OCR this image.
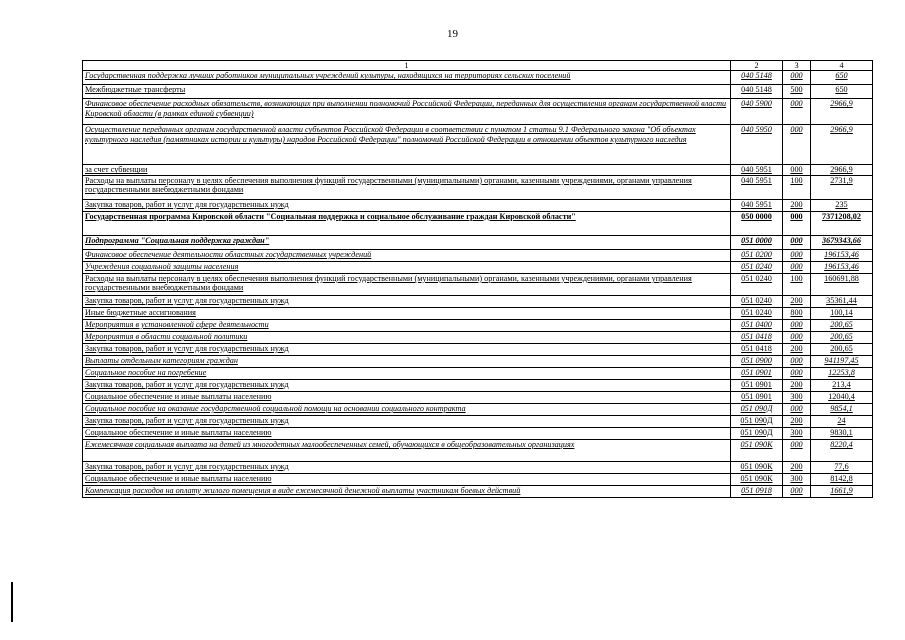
19
1	2	3	4
Государственная поддержка лучших работников муниципальных учреждений культуры, находящихся на территориях сельских поселений	040 5148	000	650
Межбюджетные трансферты	040 5148	500	650
Финансовое обеспечение расходных обязательств, возникающих при выполнении полномочий Российской Федерации, переданных для осуществления органам государственной власти Кировской области (в рамках единой субвенции)	040 5900	000	2966,9
Осуществление переданных органам государственной власти субъектов Российской Федерации в соответствии с пунктом 1 статьи 9.1 Федерального закона "Об объектах культурного наследия (памятниках истории и культуры) народов Российской Федерации" полномочий Российской Федерации в отношении объектов культурного наследия	040 5950	000	2966,9
за счет субвенции	040 5951	000	2966,9
Расходы на выплаты персоналу в целях обеспечения выполнения функций государственными (муниципальными) органами, казенными учреждениями, органами управления государственными внебюджетными фондами	040 5951	100	2731,9
Закупка товаров, работ и услуг для государственных нужд	040 5951	200	235
Государственная программа Кировской области "Социальная поддержка и социальное обслуживание граждан Кировской области"	050 0000	000	7371208,02
Подпрограмма "Социальная поддержка граждан"	051 0000	000	3679343,66
Финансовое обеспечение деятельности областных государственных учреждений	051 0200	000	196153,46
Учреждения социальной защиты населения	051 0240	000	196153,46
Расходы на выплаты персоналу в целях обеспечения выполнения функций государственными (муниципальными) органами, казенными учреждениями, органами управления государственными внебюджетными фондами	051 0240	100	160691,88
Закупка товаров, работ и услуг для государственных нужд	051 0240	200	35361,44
Иные бюджетные ассигнования	051 0240	800	100,14
Мероприятия в установленной сфере деятельности	051 0400	000	200,65
Мероприятия в области социальной политики	051 0418	000	200,65
Закупка товаров, работ и услуг для государственных нужд	051 0418	200	200,65
Выплаты отдельным категориям граждан	051 0900	000	941197,45
Социальное пособие на погребение	051 0901	000	12253,8
Закупка товаров, работ и услуг для государственных нужд	051 0901	200	213,4
Социальное обеспечение и иные выплаты населению	051 0901	300	12040,4
Социальное пособие на оказание государственной социальной помощи на основании социального контракта	051 090Д	000	9854,1
Закупка товаров, работ и услуг для государственных нужд	051 090Д	200	24
Социальное обеспечение и иные выплаты населению	051 090Д	300	9830,1
Ежемесячная социальная выплата на детей из многодетных малообеспеченных семей, обучающихся в общеобразовательных организациях	051 090К	000	8220,4
Закупка товаров, работ и услуг для государственных нужд	051 090К	200	77,6
Социальное обеспечение и иные выплаты населению	051 090К	300	8142,8
Компенсация расходов на оплату жилого помещения в виде ежемесячной денежной выплаты участникам боевых действий	051 0918	000	1661,9
